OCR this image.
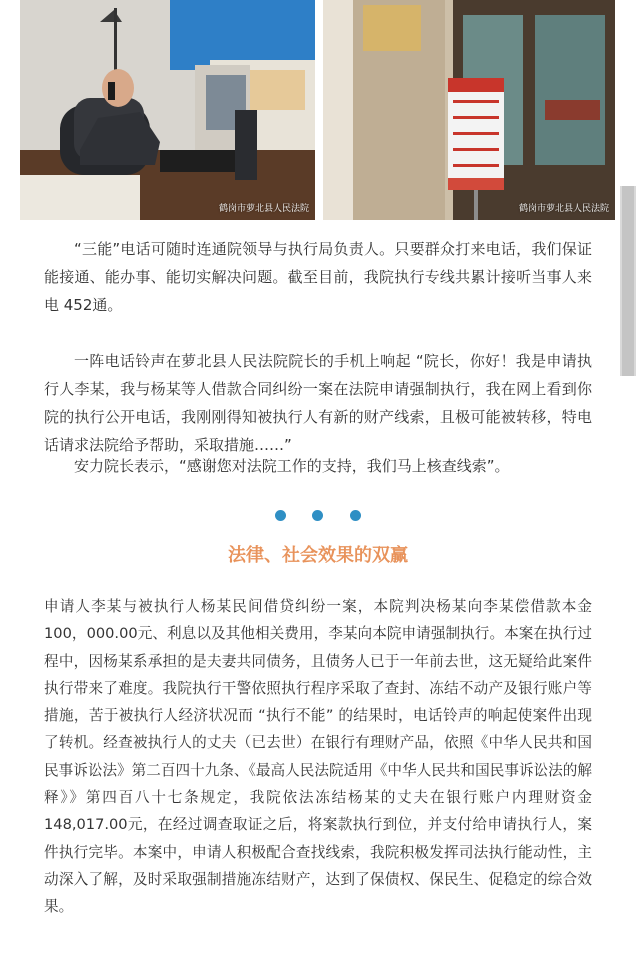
鹤岗市萝北县人民法院	鹤岗市萝北县人民法院

“三能”电话可随时连通院领导与执行局负责人。只要群众打来电话，我们保证能接通、能办事、能切实解决问题。截至目前，我院执行专线共累计接听当事人来电 452通。

一阵电话铃声在萝北县人民法院院长的手机上响起 “院长，你好！我是申请执行人李某，我与杨某等人借款合同纠纷一案在法院申请强制执行，我在网上看到你院的执行公开电话，我刚刚得知被执行人有新的财产线索，且极可能被转移，特电话请求法院给予帮助，采取措施……”

安力院长表示，“感谢您对法院工作的支持，我们马上核查线索”。

法律、社会效果的双赢

申请人李某与被执行人杨某民间借贷纠纷一案，本院判决杨某向李某偿借款本金100，000.00元、利息以及其他相关费用，李某向本院申请强制执行。本案在执行过程中，因杨某系承担的是夫妻共同债务，且债务人已于一年前去世，这无疑给此案件执行带来了难度。我院执行干警依照执行程序采取了查封、冻结不动产及银行账户等措施，苦于被执行人经济状况而 “执行不能” 的结果时，电话铃声的响起使案件出现了转机。经查被执行人的丈夫（已去世）在银行有理财产品，依照《中华人民共和国民事诉讼法》第二百四十九条、《最高人民法院适用《中华人民共和国民事诉讼法的解释》》第四百八十七条规定，我院依法冻结杨某的丈夫在银行账户内理财资金148,017.00元，在经过调查取证之后，将案款执行到位，并支付给申请执行人，案件执行完毕。本案中，申请人积极配合查找线索，我院积极发挥司法执行能动性，主动深入了解，及时采取强制措施冻结财产，达到了保债权、保民生、促稳定的综合效果。
